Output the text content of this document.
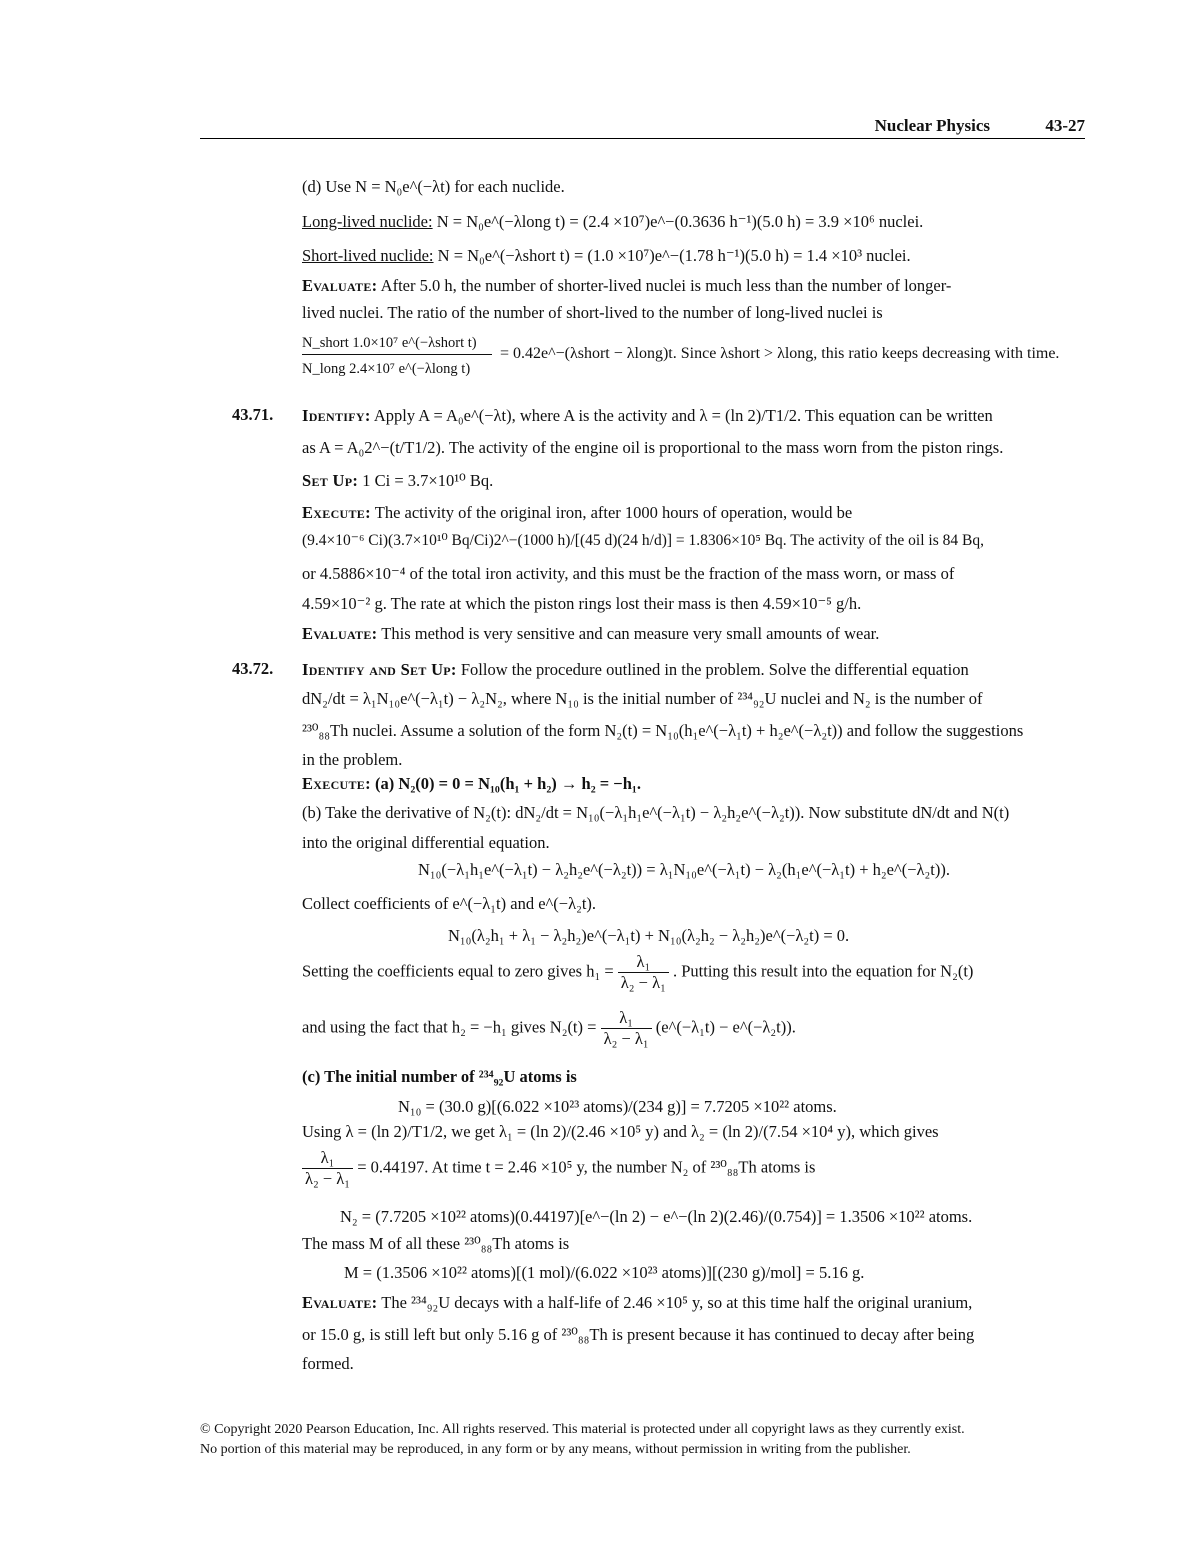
Nuclear Physics	43-27
(d) Use N = N₀e^(−λt) for each nuclide.
Long-lived nuclide: N = N₀e^(−λlong t) = (2.4 ×10⁷)e^−(0.3636 h⁻¹)(5.0 h) = 3.9 ×10⁶ nuclei.
Short-lived nuclide: N = N₀e^(−λshort t) = (1.0 ×10⁷)e^−(1.78 h⁻¹)(5.0 h) = 1.4 ×10³ nuclei.
Evaluate: After 5.0 h, the number of shorter-lived nuclei is much less than the number of longer-
lived nuclei. The ratio of the number of short-lived to the number of long-lived nuclei is
N_short 1.0×10⁷ e^(−λshort t)
N_long 2.4×10⁷ e^(−λlong t)
= 0.42e^−(λshort − λlong)t. Since λshort > λlong, this ratio keeps decreasing with time.
43.71. Identify: Apply A = A₀e^(−λt), where A is the activity and λ = (ln 2)/T1/2. This equation can be written
as A = A₀2^−(t/T1/2). The activity of the engine oil is proportional to the mass worn from the piston rings.
Set Up: 1 Ci = 3.7×10¹⁰ Bq.
Execute: The activity of the original iron, after 1000 hours of operation, would be
(9.4×10⁻⁶ Ci)(3.7×10¹⁰ Bq/Ci)2^−(1000 h)/[(45 d)(24 h/d)] = 1.8306×10⁵ Bq. The activity of the oil is 84 Bq,
or 4.5886×10⁻⁴ of the total iron activity, and this must be the fraction of the mass worn, or mass of
4.59×10⁻² g. The rate at which the piston rings lost their mass is then 4.59×10⁻⁵ g/h.
Evaluate: This method is very sensitive and can measure very small amounts of wear.
43.72. Identify and Set Up: Follow the procedure outlined in the problem. Solve the differential equation
dN₂/dt = λ₁N₁₀e^(−λ₁t) − λ₂N₂, where N₁₀ is the initial number of ²³⁴₉₂U nuclei and N₂ is the number of
²³⁰₈₈Th nuclei. Assume a solution of the form N₂(t) = N₁₀(h₁e^(−λ₁t) + h₂e^(−λ₂t)) and follow the suggestions
in the problem.
Execute: (a) N₂(0) = 0 = N₁₀(h₁ + h₂) → h₂ = −h₁.
(b) Take the derivative of N₂(t): dN₂/dt = N₁₀(−λ₁h₁e^(−λ₁t) − λ₂h₂e^(−λ₂t)). Now substitute dN/dt and N(t)
into the original differential equation.
N₁₀(−λ₁h₁e^(−λ₁t) − λ₂h₂e^(−λ₂t)) = λ₁N₁₀e^(−λ₁t) − λ₂(h₁e^(−λ₁t) + h₂e^(−λ₂t)).
Collect coefficients of e^(−λ₁t) and e^(−λ₂t).
N₁₀(λ₂h₁ + λ₁ − λ₂h₂)e^(−λ₁t) + N₁₀(λ₂h₂ − λ₂h₂)e^(−λ₂t) = 0.
Setting the coefficients equal to zero gives $h_1 = \frac{\text{λ₁}}{\text{λ₂ − λ₁}}$ . Putting this result into the equation for N₂(t)
and using the fact that h₂ = −h₁ gives $N_2(t) = \frac{\text{λ₁}}{\text{λ₂ − λ₁}}$ (e^(−λ₁t) − e^(−λ₂t)).
(c) The initial number of ²³⁴₉₂U atoms is
N₁₀ = (30.0 g)[(6.022 ×10²³ atoms)/(234 g)] = 7.7205 ×10²² atoms.
Using λ = (ln 2)/T1/2, we get λ₁ = (ln 2)/(2.46 ×10⁵ y) and λ₂ = (ln 2)/(7.54 ×10⁴ y), which gives
$\frac{\text{λ₁}}{\text{λ₂ − λ₁}} = 0.44197$. At time t = 2.46 ×10⁵ y, the number N₂ of ²³⁰₈₈Th atoms is
N₂ = (7.7205 ×10²² atoms)(0.44197)[e^−(ln 2) − e^−(ln 2)(2.46)/(0.754)] = 1.3506 ×10²² atoms.
The mass M of all these ²³⁰₈₈Th atoms is
M = (1.3506 ×10²² atoms)[(1 mol)/(6.022 ×10²³ atoms)][(230 g)/mol] = 5.16 g.
Evaluate: The ²³⁴₉₂U decays with a half-life of 2.46 ×10⁵ y, so at this time half the original uranium,
or 15.0 g, is still left but only 5.16 g of ²³⁰₈₈Th is present because it has continued to decay after being
formed.
© Copyright 2020 Pearson Education, Inc. All rights reserved. This material is protected under all copyright laws as they currently exist.
No portion of this material may be reproduced, in any form or by any means, without permission in writing from the publisher.
